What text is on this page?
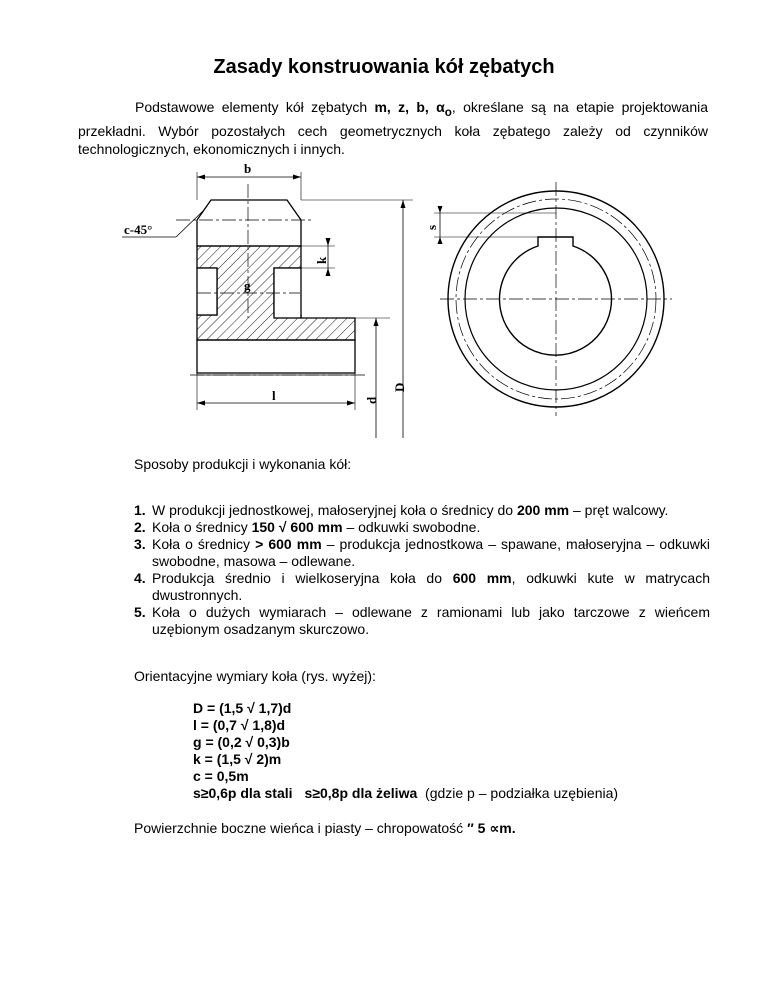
Zasady konstruowania kół zębatych

Podstawowe elementy kół zębatych m, z, b, $\alpha_o$, określane są na etapie projektowania przekładni. Wybór pozostałych cech geometrycznych koła zębatego zależy od czynników technologicznych, ekonomicznych i innych.

b
c-45°
k
g
l	d
D
s

Sposoby produkcji i wykonania kół:

1. W produkcji jednostkowej, małoseryjnej koła o średnicy do 200 mm – pręt walcowy.
2. Koła o średnicy 150 √ 600 mm – odkuwki swobodne.
3. Koła o średnicy > 600 mm – produkcja jednostkowa – spawane, małoseryjna – odkuwki swobodne, masowa – odlewane.
4. Produkcja średnio i wielkoseryjna koła do 600 mm, odkuwki kute w matrycach dwustronnych.
5. Koła o dużych wymiarach – odlewane z ramionami lub jako tarczowe z wieńcem uzębionym osadzanym skurczowo.

Orientacyjne wymiary koła (rys. wyżej):

D = (1,5 √ 1,7)d
l = (0,7 √ 1,8)d
g = (0,2 √ 0,3)b
k = (1,5 √ 2)m
c = 0,5m
s≥0,6p dla stali s≥0,8p dla żeliwa (gdzie p – podziałka uzębienia)

Powierzchnie boczne wieńca i piasty – chropowatość ″ 5 ∝m.
